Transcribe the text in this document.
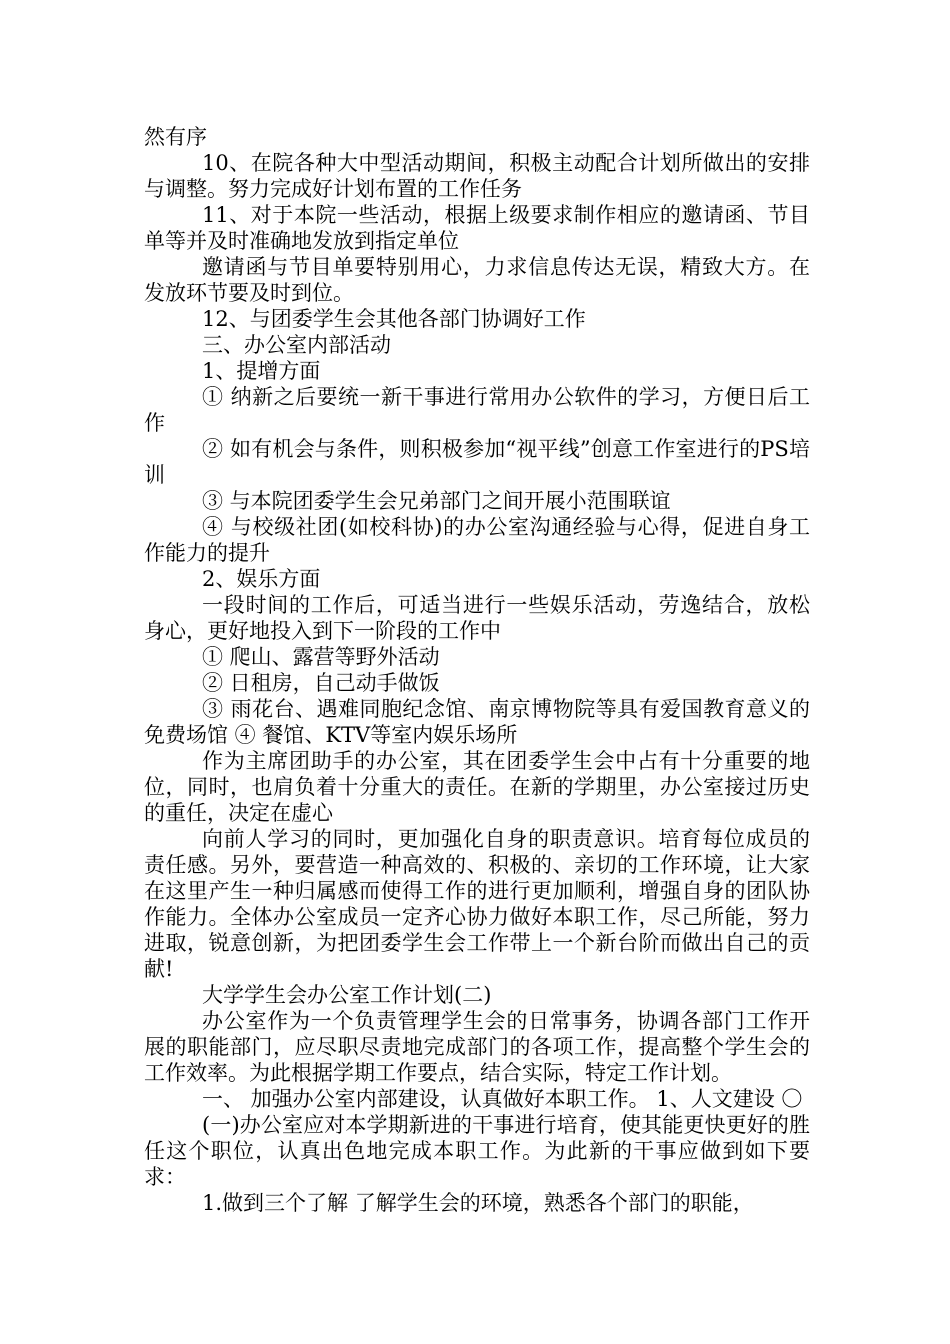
然有序

10、在院各种大中型活动期间，积极主动配合计划所做出的安排与调整。努力完成好计划布置的工作任务

11、对于本院一些活动，根据上级要求制作相应的邀请函、节目单等并及时准确地发放到指定单位

邀请函与节目单要特别用心，力求信息传达无误，精致大方。在发放环节要及时到位。

12、与团委学生会其他各部门协调好工作

三、办公室内部活动

1、提增方面

① 纳新之后要统一新干事进行常用办公软件的学习，方便日后工作

② 如有机会与条件，则积极参加“视平线”创意工作室进行的PS培训

③ 与本院团委学生会兄弟部门之间开展小范围联谊

④ 与校级社团(如校科协)的办公室沟通经验与心得，促进自身工作能力的提升

2、娱乐方面

一段时间的工作后，可适当进行一些娱乐活动，劳逸结合，放松身心，更好地投入到下一阶段的工作中

① 爬山、露营等野外活动

② 日租房，自己动手做饭

③ 雨花台、遇难同胞纪念馆、南京博物院等具有爱国教育意义的免费场馆 ④ 餐馆、KTV等室内娱乐场所

作为主席团助手的办公室，其在团委学生会中占有十分重要的地位，同时，也肩负着十分重大的责任。在新的学期里，办公室接过历史的重任，决定在虚心

向前人学习的同时，更加强化自身的职责意识。培育每位成员的责任感。另外，要营造一种高效的、积极的、亲切的工作环境，让大家在这里产生一种归属感而使得工作的进行更加顺利，增强自身的团队协作能力。全体办公室成员一定齐心协力做好本职工作，尽己所能，努力进取，锐意创新，为把团委学生会工作带上一个新台阶而做出自己的贡献!

大学学生会办公室工作计划(二)

办公室作为一个负责管理学生会的日常事务，协调各部门工作开展的职能部门，应尽职尽责地完成部门的各项工作，提高整个学生会的工作效率。为此根据学期工作要点，结合实际，特定工作计划。

一、 加强办公室内部建设，认真做好本职工作。 1、人文建设 〇

(一)办公室应对本学期新进的干事进行培育，使其能更快更好的胜任这个职位，认真出色地完成本职工作。为此新的干事应做到如下要求：

1.做到三个了解 了解学生会的环境，熟悉各个部门的职能，
